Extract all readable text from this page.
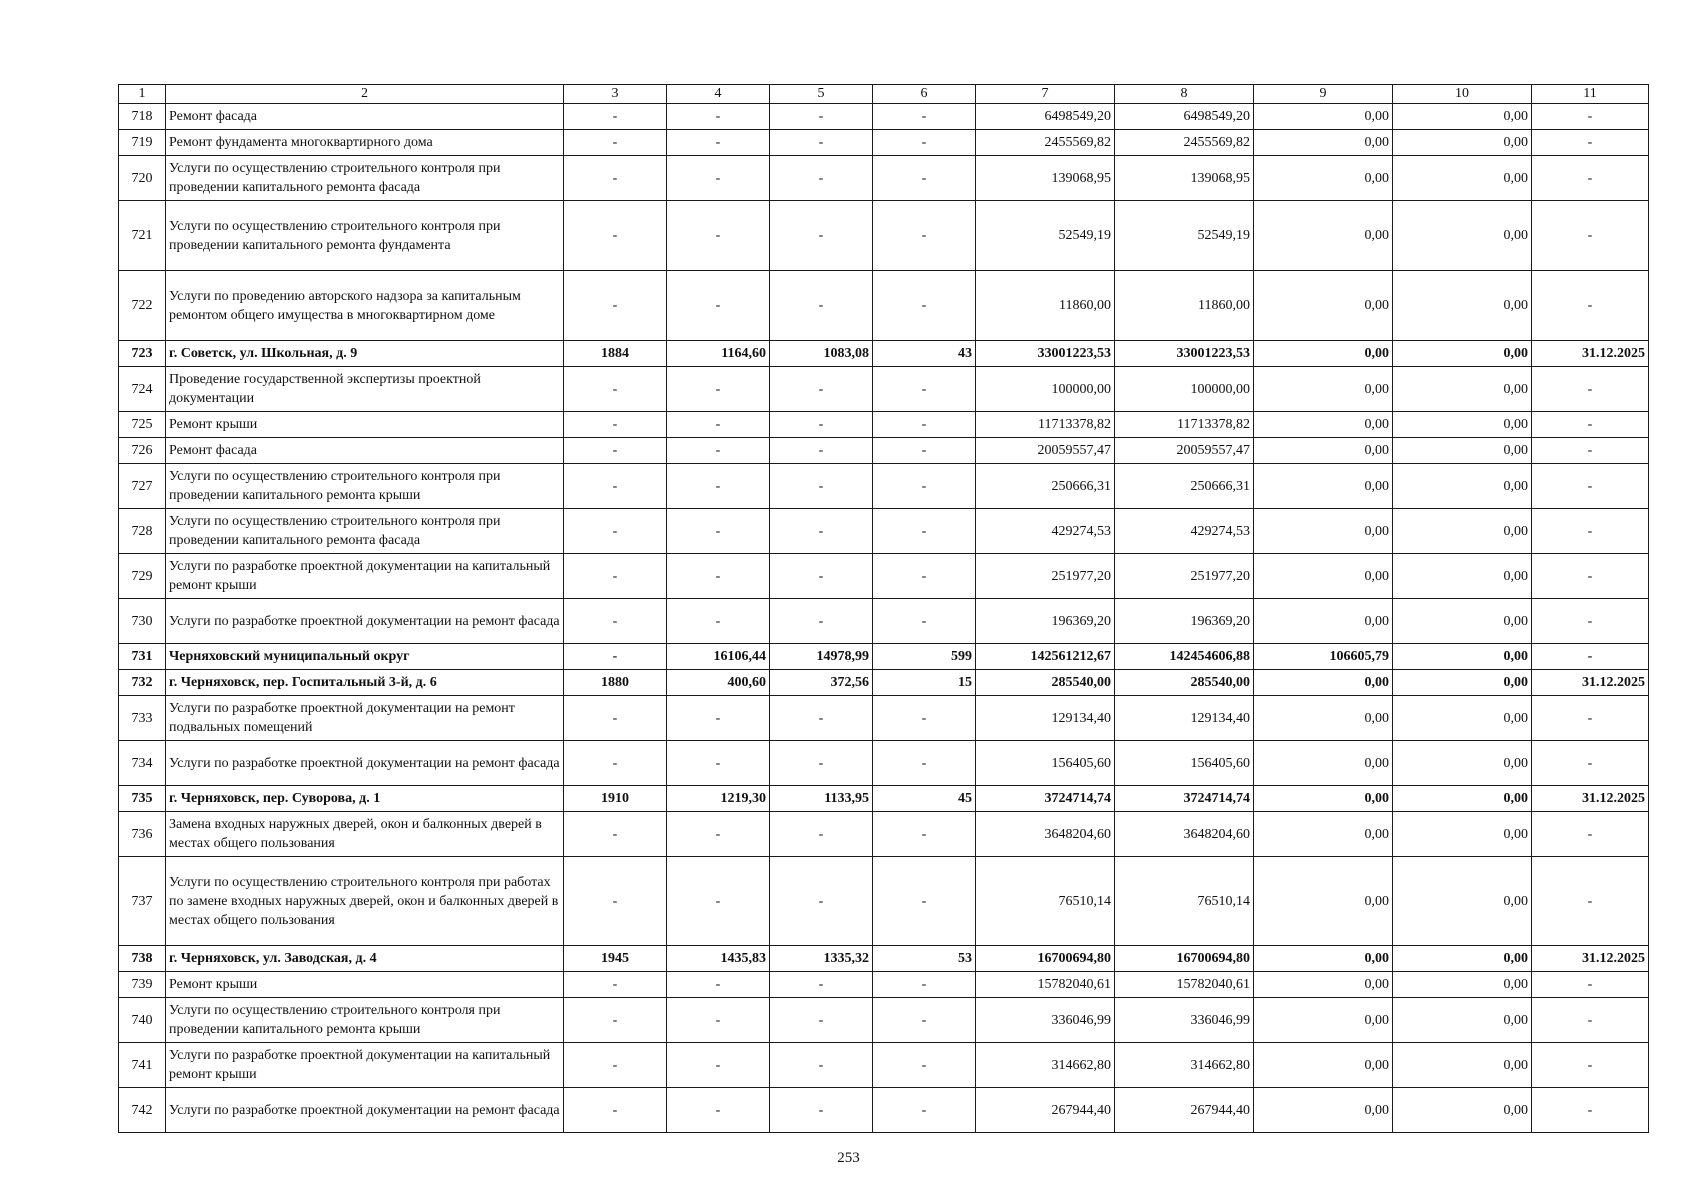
1	2	3	4	5	6	7	8	9	10	11
718	Ремонт фасада	-	-	-	-	6498549,20	6498549,20	0,00	0,00	-
719	Ремонт фундамента многоквартирного дома	-	-	-	-	2455569,82	2455569,82	0,00	0,00	-
720	Услуги по осуществлению строительного контроля при проведении капитального ремонта фасада	-	-	-	-	139068,95	139068,95	0,00	0,00	-
721	Услуги по осуществлению строительного контроля при проведении капитального ремонта фундамента	-	-	-	-	52549,19	52549,19	0,00	0,00	-
722	Услуги по проведению авторского надзора за капитальным ремонтом общего имущества в многоквартирном доме	-	-	-	-	11860,00	11860,00	0,00	0,00	-
723	г. Советск, ул. Школьная, д. 9	1884	1164,60	1083,08	43	33001223,53	33001223,53	0,00	0,00	31.12.2025
724	Проведение государственной экспертизы проектной документации	-	-	-	-	100000,00	100000,00	0,00	0,00	-
725	Ремонт крыши	-	-	-	-	11713378,82	11713378,82	0,00	0,00	-
726	Ремонт фасада	-	-	-	-	20059557,47	20059557,47	0,00	0,00	-
727	Услуги по осуществлению строительного контроля при проведении капитального ремонта крыши	-	-	-	-	250666,31	250666,31	0,00	0,00	-
728	Услуги по осуществлению строительного контроля при проведении капитального ремонта фасада	-	-	-	-	429274,53	429274,53	0,00	0,00	-
729	Услуги по разработке проектной документации на капитальный ремонт крыши	-	-	-	-	251977,20	251977,20	0,00	0,00	-
730	Услуги по разработке проектной документации на ремонт фасада	-	-	-	-	196369,20	196369,20	0,00	0,00	-
731	Черняховский муниципальный округ	-	16106,44	14978,99	599	142561212,67	142454606,88	106605,79	0,00	-
732	г. Черняховск, пер. Госпитальный 3-й, д. 6	1880	400,60	372,56	15	285540,00	285540,00	0,00	0,00	31.12.2025
733	Услуги по разработке проектной документации на ремонт подвальных помещений	-	-	-	-	129134,40	129134,40	0,00	0,00	-
734	Услуги по разработке проектной документации на ремонт фасада	-	-	-	-	156405,60	156405,60	0,00	0,00	-
735	г. Черняховск, пер. Суворова, д. 1	1910	1219,30	1133,95	45	3724714,74	3724714,74	0,00	0,00	31.12.2025
736	Замена входных наружных дверей, окон и балконных дверей в местах общего пользования	-	-	-	-	3648204,60	3648204,60	0,00	0,00	-
737	Услуги по осуществлению строительного контроля при работах по замене входных наружных дверей, окон и балконных дверей в местах общего пользования	-	-	-	-	76510,14	76510,14	0,00	0,00	-
738	г. Черняховск, ул. Заводская, д. 4	1945	1435,83	1335,32	53	16700694,80	16700694,80	0,00	0,00	31.12.2025
739	Ремонт крыши	-	-	-	-	15782040,61	15782040,61	0,00	0,00	-
740	Услуги по осуществлению строительного контроля при проведении капитального ремонта крыши	-	-	-	-	336046,99	336046,99	0,00	0,00	-
741	Услуги по разработке проектной документации на капитальный ремонт крыши	-	-	-	-	314662,80	314662,80	0,00	0,00	-
742	Услуги по разработке проектной документации на ремонт фасада	-	-	-	-	267944,40	267944,40	0,00	0,00	-
253
